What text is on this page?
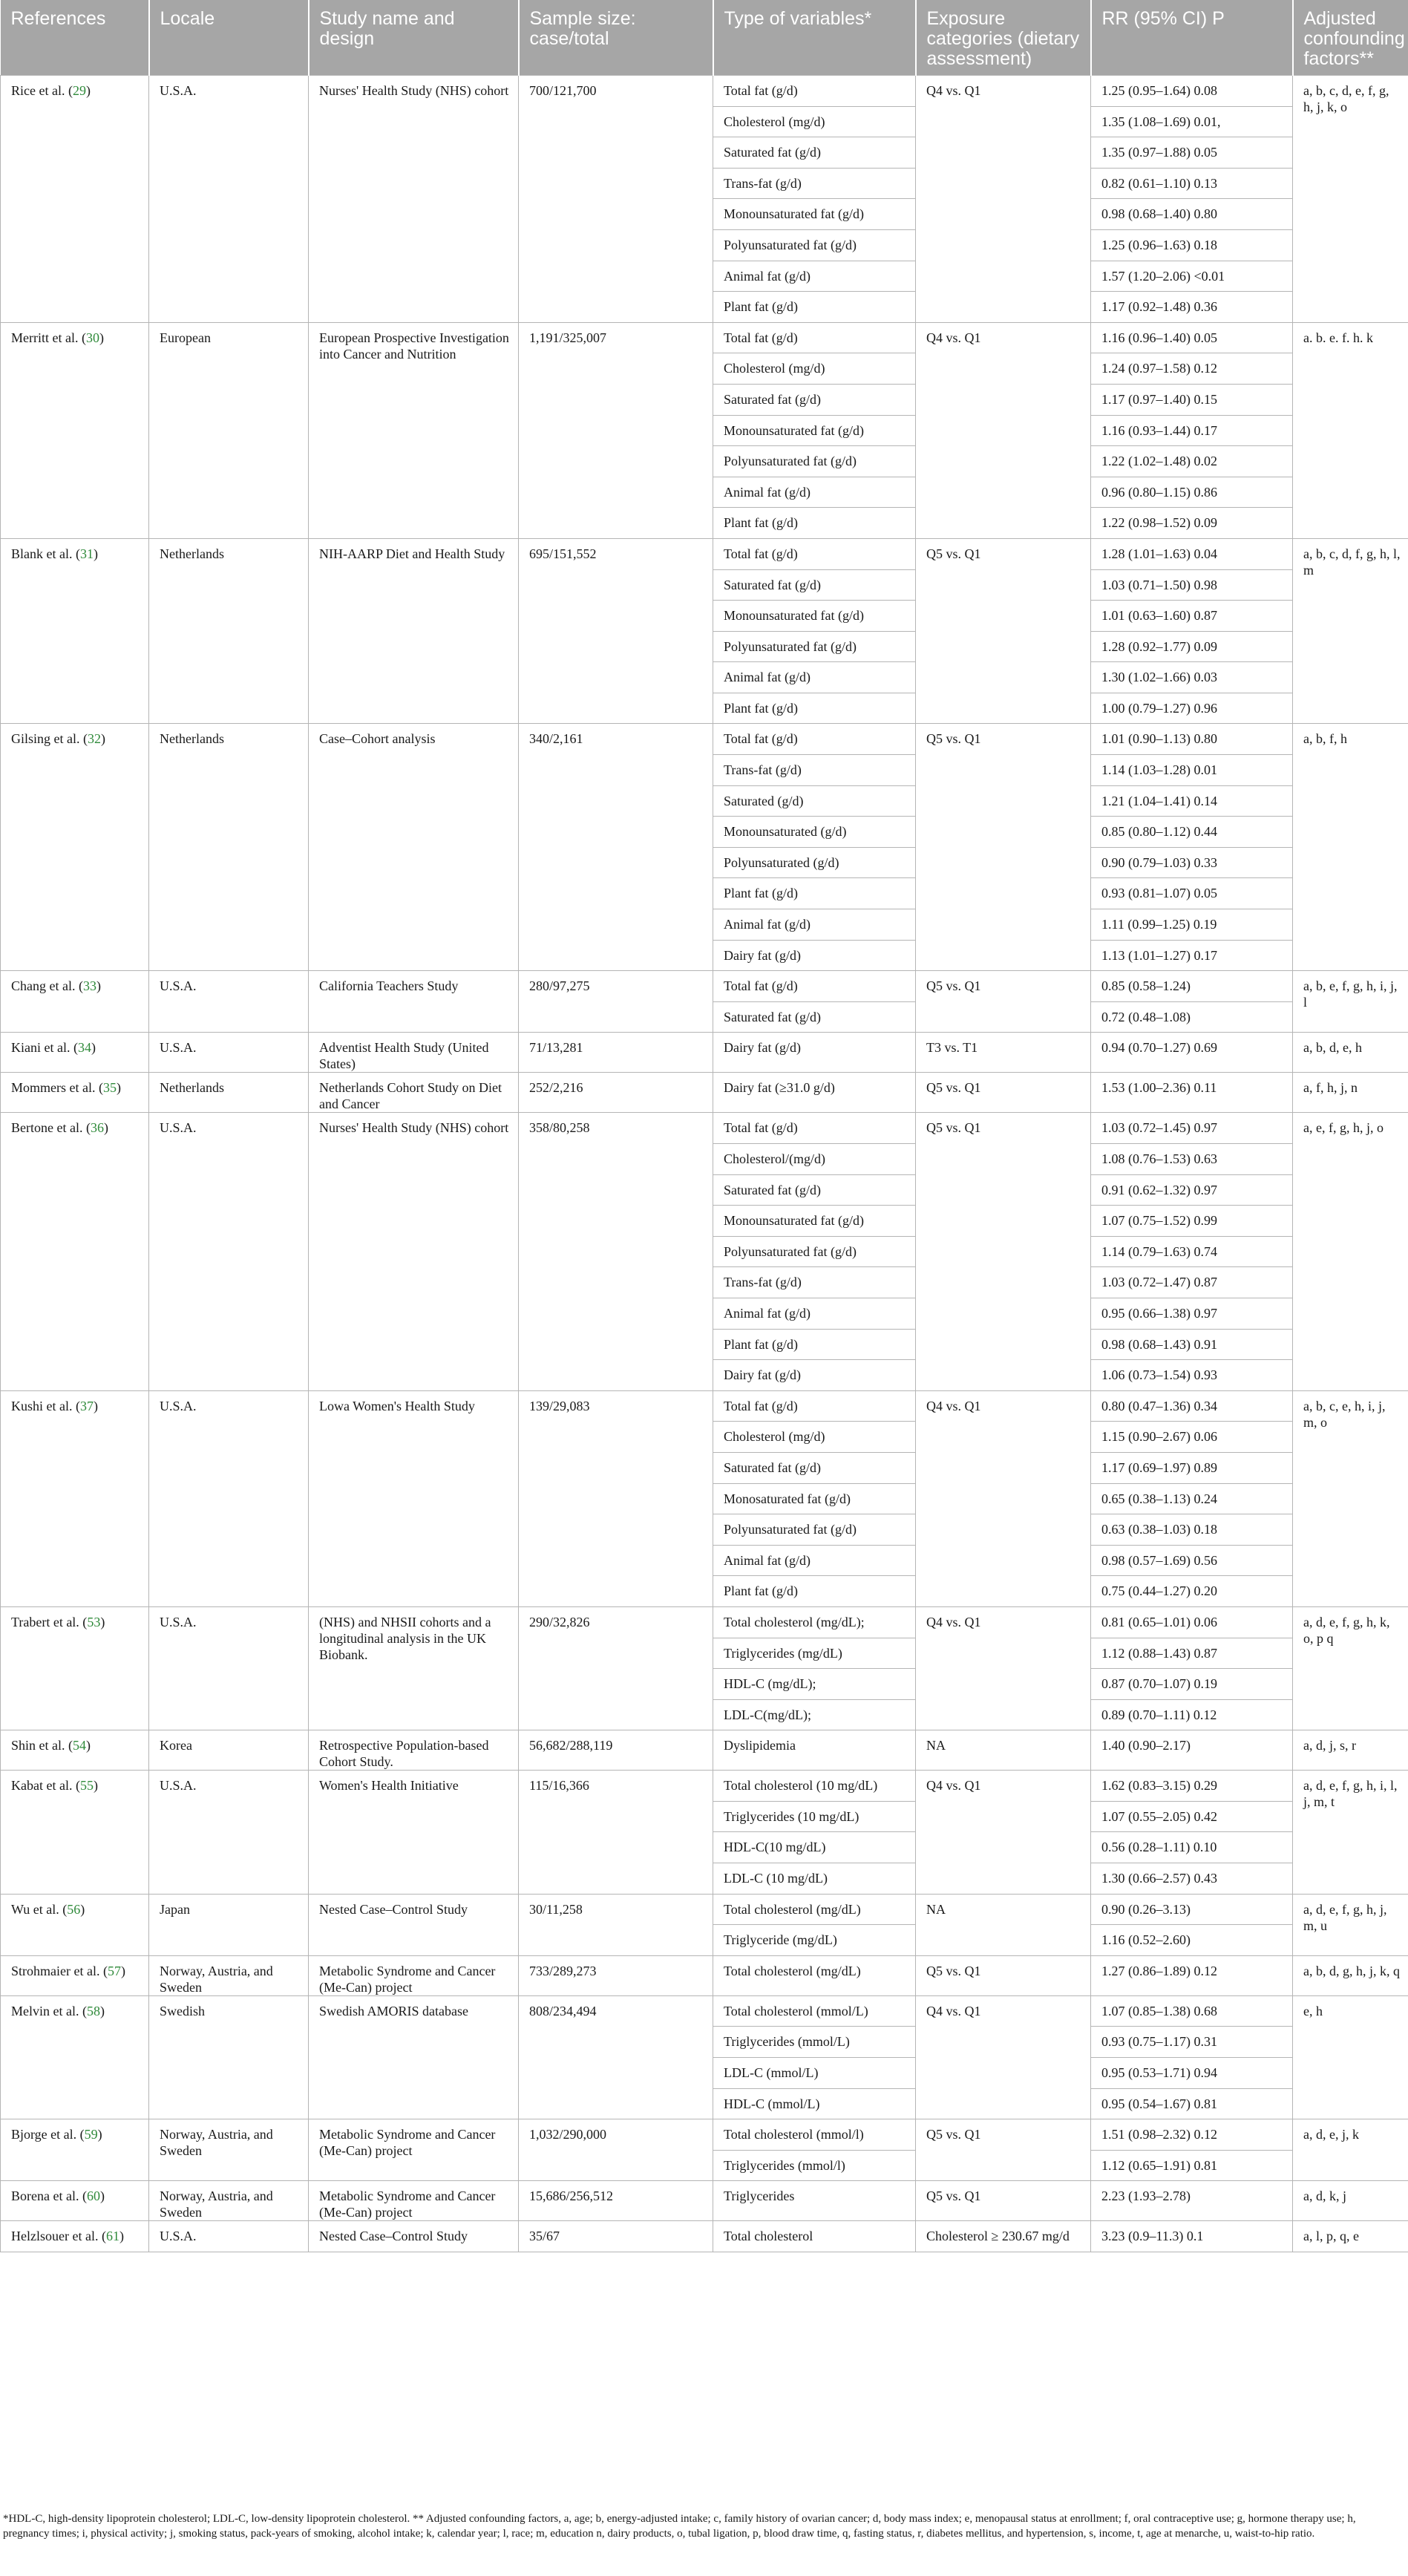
References	Locale	Study name and design	Sample size: case/total	Type of variables*	Exposure categories (dietary assessment)	RR (95% CI) P	Adjusted confounding factors**
Rice et al. (29)	U.S.A.	Nurses' Health Study (NHS) cohort	700/121,700	Total fat (g/d)	Q4 vs. Q1	1.25 (0.95–1.64) 0.08	a, b, c, d, e, f, g, h, j, k, o
				Cholesterol (mg/d)		1.35 (1.08–1.69) 0.01,	
				Saturated fat (g/d)		1.35 (0.97–1.88) 0.05	
				Trans-fat (g/d)		0.82 (0.61–1.10) 0.13	
				Monounsaturated fat (g/d)		0.98 (0.68–1.40) 0.80	
				Polyunsaturated fat (g/d)		1.25 (0.96–1.63) 0.18	
				Animal fat (g/d)		1.57 (1.20–2.06) <0.01	
				Plant fat (g/d)		1.17 (0.92–1.48) 0.36	
Merritt et al. (30)	European	European Prospective Investigation into Cancer and Nutrition	1,191/325,007	Total fat (g/d)	Q4 vs. Q1	1.16 (0.96–1.40) 0.05	a. b. e. f. h. k
				Cholesterol (mg/d)		1.24 (0.97–1.58) 0.12	
				Saturated fat (g/d)		1.17 (0.97–1.40) 0.15	
				Monounsaturated fat (g/d)		1.16 (0.93–1.44) 0.17	
				Polyunsaturated fat (g/d)		1.22 (1.02–1.48) 0.02	
				Animal fat (g/d)		0.96 (0.80–1.15) 0.86	
				Plant fat (g/d)		1.22 (0.98–1.52) 0.09	
Blank et al. (31)	Netherlands	NIH-AARP Diet and Health Study	695/151,552	Total fat (g/d)	Q5 vs. Q1	1.28 (1.01–1.63) 0.04	a, b, c, d, f, g, h, l, m
				Saturated fat (g/d)		1.03 (0.71–1.50) 0.98	
				Monounsaturated fat (g/d)		1.01 (0.63–1.60) 0.87	
				Polyunsaturated fat (g/d)		1.28 (0.92–1.77) 0.09	
				Animal fat (g/d)		1.30 (1.02–1.66) 0.03	
				Plant fat (g/d)		1.00 (0.79–1.27) 0.96	
Gilsing et al. (32)	Netherlands	Case–Cohort analysis	340/2,161	Total fat (g/d)	Q5 vs. Q1	1.01 (0.90–1.13) 0.80	a, b, f, h
				Trans-fat (g/d)		1.14 (1.03–1.28) 0.01	
				Saturated (g/d)		1.21 (1.04–1.41) 0.14	
				Monounsaturated (g/d)		0.85 (0.80–1.12) 0.44	
				Polyunsaturated (g/d)		0.90 (0.79–1.03) 0.33	
				Plant fat (g/d)		0.93 (0.81–1.07) 0.05	
				Animal fat (g/d)		1.11 (0.99–1.25) 0.19	
				Dairy fat (g/d)		1.13 (1.01–1.27) 0.17	
Chang et al. (33)	U.S.A.	California Teachers Study	280/97,275	Total fat (g/d)	Q5 vs. Q1	0.85 (0.58–1.24)	a, b, e, f, g, h, i, j, l
				Saturated fat (g/d)		0.72 (0.48–1.08)	
Kiani et al. (34)	U.S.A.	Adventist Health Study (United States)	71/13,281	Dairy fat (g/d)	T3 vs. T1	0.94 (0.70–1.27) 0.69	a, b, d, e, h
Mommers et al. (35)	Netherlands	Netherlands Cohort Study on Diet and Cancer	252/2,216	Dairy fat (≥31.0 g/d)	Q5 vs. Q1	1.53 (1.00–2.36) 0.11	a, f, h, j, n
Bertone et al. (36)	U.S.A.	Nurses' Health Study (NHS) cohort	358/80,258	Total fat (g/d)	Q5 vs. Q1	1.03 (0.72–1.45) 0.97	a, e, f, g, h, j, o
				Cholesterol/(mg/d)		1.08 (0.76–1.53) 0.63	
				Saturated fat (g/d)		0.91 (0.62–1.32) 0.97	
				Monounsaturated fat (g/d)		1.07 (0.75–1.52) 0.99	
				Polyunsaturated fat (g/d)		1.14 (0.79–1.63) 0.74	
				Trans-fat (g/d)		1.03 (0.72–1.47) 0.87	
				Animal fat (g/d)		0.95 (0.66–1.38) 0.97	
				Plant fat (g/d)		0.98 (0.68–1.43) 0.91	
				Dairy fat (g/d)		1.06 (0.73–1.54) 0.93	
Kushi et al. (37)	U.S.A.	Lowa Women's Health Study	139/29,083	Total fat (g/d)	Q4 vs. Q1	0.80 (0.47–1.36) 0.34	a, b, c, e, h, i, j, m, o
				Cholesterol (mg/d)		1.15 (0.90–2.67) 0.06	
				Saturated fat (g/d)		1.17 (0.69–1.97) 0.89	
				Monosaturated fat (g/d)		0.65 (0.38–1.13) 0.24	
				Polyunsaturated fat (g/d)		0.63 (0.38–1.03) 0.18	
				Animal fat (g/d)		0.98 (0.57–1.69) 0.56	
				Plant fat (g/d)		0.75 (0.44–1.27) 0.20	
Trabert et al. (53)	U.S.A.	(NHS) and NHSII cohorts and a longitudinal analysis in the UK Biobank.	290/32,826	Total cholesterol (mg/dL);	Q4 vs. Q1	0.81 (0.65–1.01) 0.06	a, d, e, f, g, h, k, o, p q
				Triglycerides (mg/dL)		1.12 (0.88–1.43) 0.87	
				HDL-C (mg/dL);		0.87 (0.70–1.07) 0.19	
				LDL-C(mg/dL);		0.89 (0.70–1.11) 0.12	
Shin et al. (54)	Korea	Retrospective Population-based Cohort Study.	56,682/288,119	Dyslipidemia	NA	1.40 (0.90–2.17)	a, d, j, s, r
Kabat et al. (55)	U.S.A.	Women's Health Initiative	115/16,366	Total cholesterol (10 mg/dL)	Q4 vs. Q1	1.62 (0.83–3.15) 0.29	a, d, e, f, g, h, i, l, j, m, t
				Triglycerides (10 mg/dL)		1.07 (0.55–2.05) 0.42	
				HDL-C(10 mg/dL)		0.56 (0.28–1.11) 0.10	
				LDL-C (10 mg/dL)		1.30 (0.66–2.57) 0.43	
Wu et al. (56)	Japan	Nested Case–Control Study	30/11,258	Total cholesterol (mg/dL)	NA	0.90 (0.26–3.13)	a, d, e, f, g, h, j, m, u
				Triglyceride (mg/dL)		1.16 (0.52–2.60)	
Strohmaier et al. (57)	Norway, Austria, and Sweden	Metabolic Syndrome and Cancer (Me-Can) project	733/289,273	Total cholesterol (mg/dL)	Q5 vs. Q1	1.27 (0.86–1.89) 0.12	a, b, d, g, h, j, k, q
Melvin et al. (58)	Swedish	Swedish AMORIS database	808/234,494	Total cholesterol (mmol/L)	Q4 vs. Q1	1.07 (0.85–1.38) 0.68	e, h
				Triglycerides (mmol/L)		0.93 (0.75–1.17) 0.31	
				LDL-C (mmol/L)		0.95 (0.53–1.71) 0.94	
				HDL-C (mmol/L)		0.95 (0.54–1.67) 0.81	
Bjorge et al. (59)	Norway, Austria, and Sweden	Metabolic Syndrome and Cancer (Me-Can) project	1,032/290,000	Total cholesterol (mmol/l)	Q5 vs. Q1	1.51 (0.98–2.32) 0.12	a, d, e, j, k
				Triglycerides (mmol/l)		1.12 (0.65–1.91) 0.81	
Borena et al. (60)	Norway, Austria, and Sweden	Metabolic Syndrome and Cancer (Me-Can) project	15,686/256,512	Triglycerides	Q5 vs. Q1	2.23 (1.93–2.78)	a, d, k, j
Helzlsouer et al. (61)	U.S.A.	Nested Case–Control Study	35/67	Total cholesterol	Cholesterol ≥ 230.67 mg/d	3.23 (0.9–11.3) 0.1	a, l, p, q, e
*HDL-C, high-density lipoprotein cholesterol; LDL-C, low-density lipoprotein cholesterol. ** Adjusted confounding factors, a, age; b, energy-adjusted intake; c, family history of ovarian cancer; d, body mass index; e, menopausal status at enrollment; f, oral contraceptive use; g, hormone therapy use; h, pregnancy times; i, physical activity; j, smoking status, pack-years of smoking, alcohol intake; k, calendar year; l, race; m, education n, dairy products, o, tubal ligation, p, blood draw time, q, fasting status, r, diabetes mellitus, and hypertension, s, income, t, age at menarche, u, waist-to-hip ratio.
